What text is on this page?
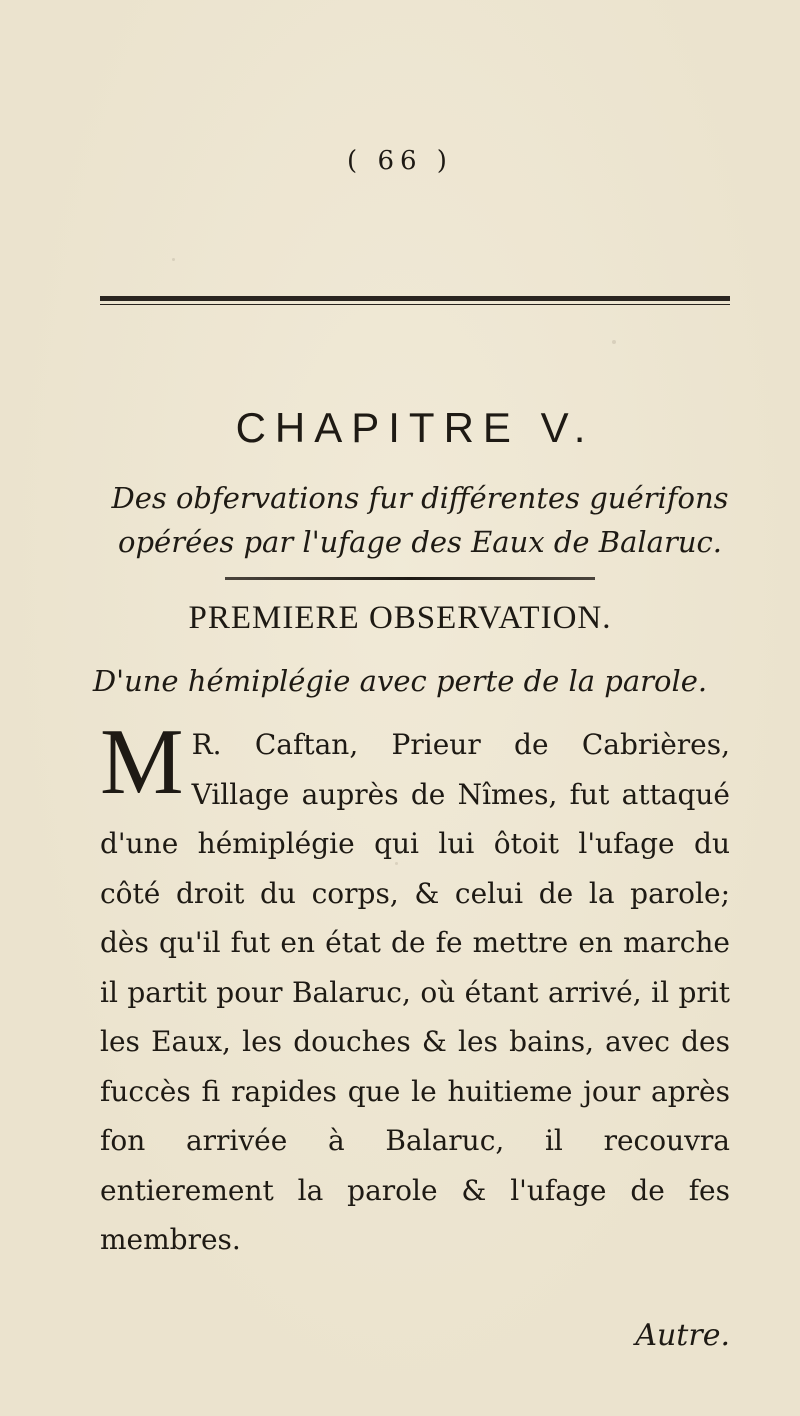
( 66 )
CHAPITRE V.
Des obfervations fur différentes guérifons opérées par l'ufage des Eaux de Balaruc.
PREMIERE OBSERVATION.
D'une hémiplégie avec perte de la parole.
M R. Caftan, Prieur de Cabrières, Village auprès de Nîmes, fut attaqué d'une hémiplégie qui lui ôtoit l'ufage du côté droit du corps, & celui de la parole; dès qu'il fut en état de fe mettre en marche il partit pour Balaruc, où étant arrivé, il prit les Eaux, les douches & les bains, avec des fuccès fi rapides que le huitieme jour après fon arrivée à Balaruc, il recouvra entierement la parole & l'ufage de fes membres.
Autre.
